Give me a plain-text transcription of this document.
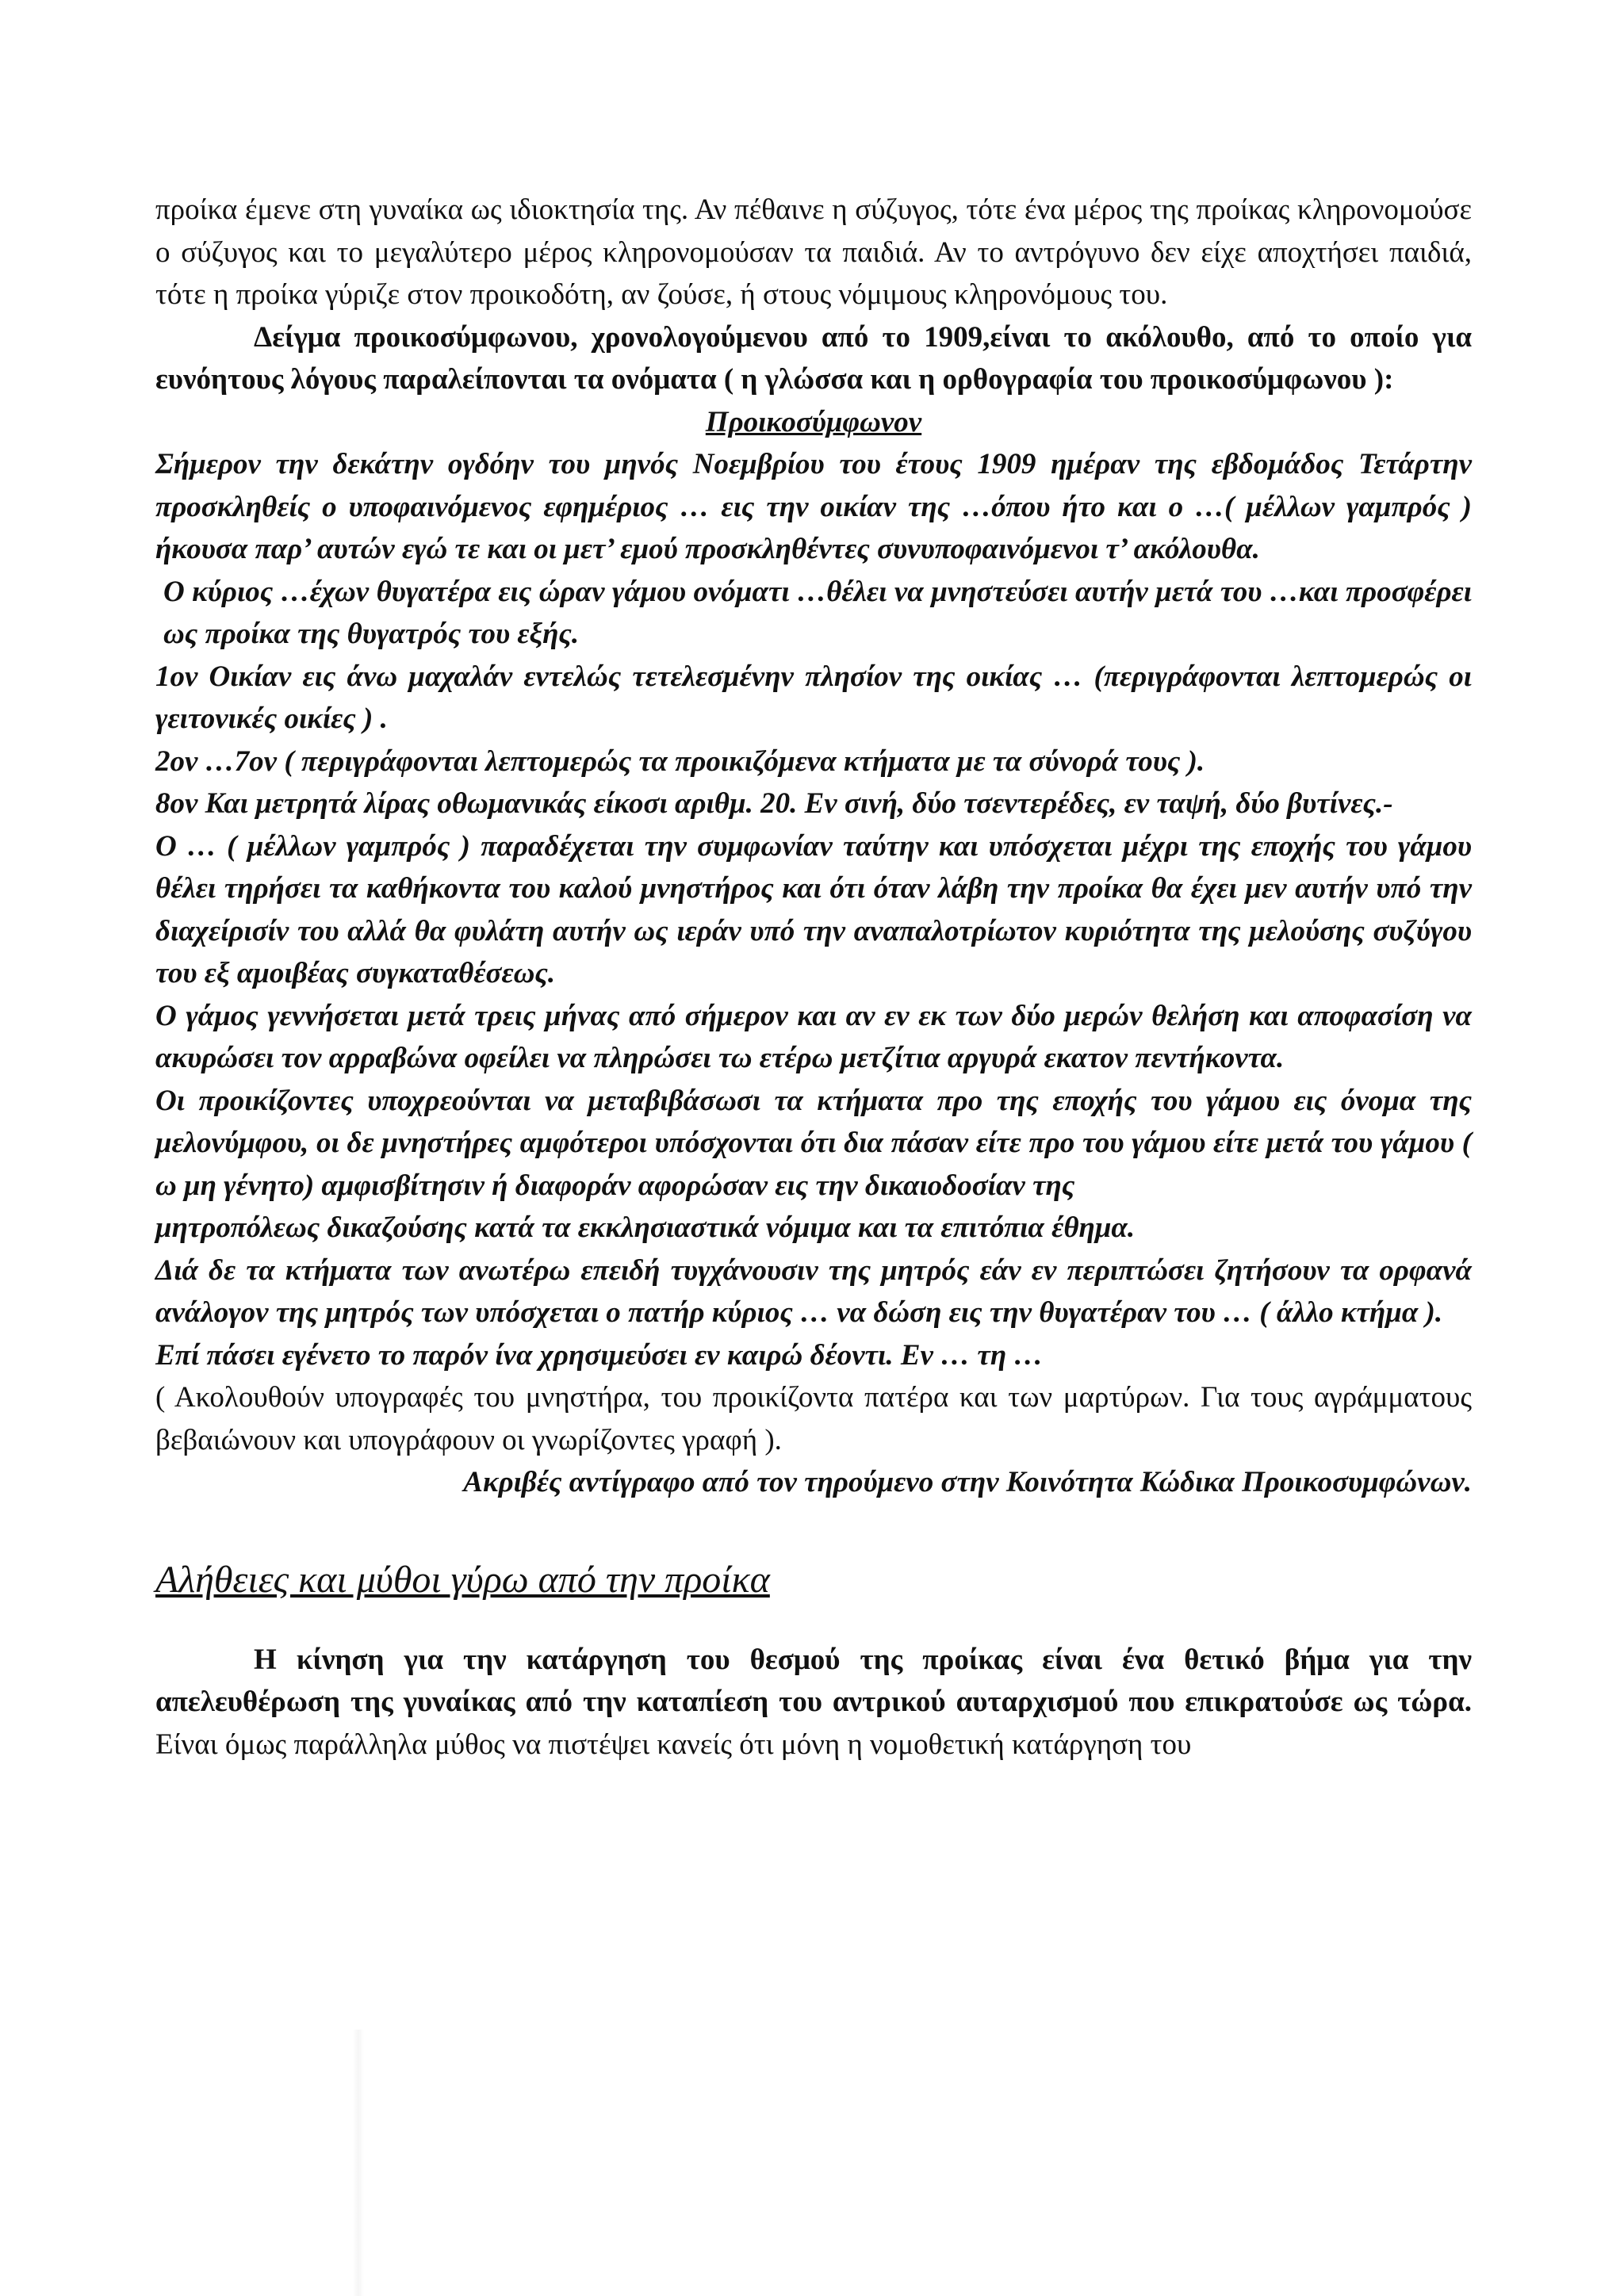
προίκα έμενε στη γυναίκα ως ιδιοκτησία της. Αν πέθαινε η σύζυγος, τότε ένα μέρος της προίκας κληρονομούσε ο σύζυγος και το μεγαλύτερο μέρος κληρονομούσαν τα παιδιά. Αν το αντρόγυνο δεν είχε αποχτήσει παιδιά, τότε η προίκα γύριζε στον προικοδότη, αν ζούσε, ή στους νόμιμους κληρονόμους του.

Δείγμα προικοσύμφωνου, χρονολογούμενου από το 1909,είναι το ακόλουθο, από το οποίο για ευνόητους λόγους παραλείπονται τα ονόματα ( η γλώσσα και η ορθογραφία του προικοσύμφωνου ):

Προικοσύμφωνον

Σήμερον την δεκάτην ογδόην του μηνός Νοεμβρίου του έτους 1909 ημέραν της εβδομάδος Τετάρτην προσκληθείς ο υποφαινόμενος εφημέριος … εις την οικίαν της …όπου ήτο και ο …( μέλλων γαμπρός ) ήκουσα παρ’ αυτών εγώ τε και οι μετ’ εμού προσκληθέντες συνυποφαινόμενοι τ’ ακόλουθα.

Ο κύριος …έχων θυγατέρα εις ώραν γάμου ονόματι …θέλει να μνηστεύσει αυτήν μετά του …και προσφέρει ως προίκα της θυγατρός του εξής.

1ον Οικίαν εις άνω μαχαλάν εντελώς τετελεσμένην πλησίον της οικίας … (περιγράφονται λεπτομερώς οι γειτονικές οικίες ) .

2ον …7ον ( περιγράφονται λεπτομερώς τα προικιζόμενα κτήματα με τα σύνορά τους ).

8ον Και μετρητά λίρας οθωμανικάς είκοσι αριθμ. 20. Εν σινή, δύο τσεντερέδες, εν ταψή, δύο βυτίνες.-

Ο … ( μέλλων γαμπρός ) παραδέχεται την συμφωνίαν ταύτην και υπόσχεται μέχρι της εποχής του γάμου θέλει τηρήσει τα καθήκοντα του καλού μνηστήρος και ότι όταν λάβη την προίκα θα έχει μεν αυτήν υπό την διαχείρισίν του αλλά θα φυλάτη αυτήν ως ιεράν υπό την αναπαλοτρίωτον κυριότητα της μελούσης συζύγου του εξ αμοιβέας συγκαταθέσεως.

Ο γάμος γεννήσεται μετά τρεις μήνας από σήμερον και αν εν εκ των δύο μερών θελήση και αποφασίση να ακυρώσει τον αρραβώνα οφείλει να πληρώσει τω ετέρω μετζίτια αργυρά εκατον πεντήκοντα.

Οι προικίζοντες υποχρεούνται να μεταβιβάσωσι τα κτήματα προ της εποχής του γάμου εις όνομα της μελονύμφου, οι δε μνηστήρες αμφότεροι υπόσχονται ότι δια πάσαν είτε προ του γάμου είτε μετά του γάμου ( ω μη γένητο) αμφισβίτησιν ή διαφοράν αφορώσαν εις την δικαιοδοσίαν της

μητροπόλεως δικαζούσης κατά τα εκκλησιαστικά νόμιμα και τα επιτόπια έθημα.

Διά δε τα κτήματα των ανωτέρω επειδή τυγχάνουσιν της μητρός εάν εν περιπτώσει ζητήσουν τα ορφανά ανάλογον της μητρός των υπόσχεται ο πατήρ κύριος … να δώση εις την θυγατέραν του … ( άλλο κτήμα ).

Επί πάσει εγένετο το παρόν ίνα χρησιμεύσει εν καιρώ δέοντι. Εν … τη …

( Ακολουθούν υπογραφές του μνηστήρα, του προικίζοντα πατέρα και των μαρτύρων. Για τους αγράμματους βεβαιώνουν και υπογράφουν οι γνωρίζοντες γραφή ).

Ακριβές αντίγραφο από τον τηρούμενο στην Κοινότητα Κώδικα Προικοσυμφώνων.

Αλήθειες και μύθοι γύρω από την προίκα

Η κίνηση για την κατάργηση του θεσμού της προίκας είναι ένα θετικό βήμα για την απελευθέρωση της γυναίκας από την καταπίεση του αντρικού αυταρχισμού που επικρατούσε ως τώρα. Είναι όμως παράλληλα μύθος να πιστέψει κανείς ότι μόνη η νομοθετική κατάργηση του
